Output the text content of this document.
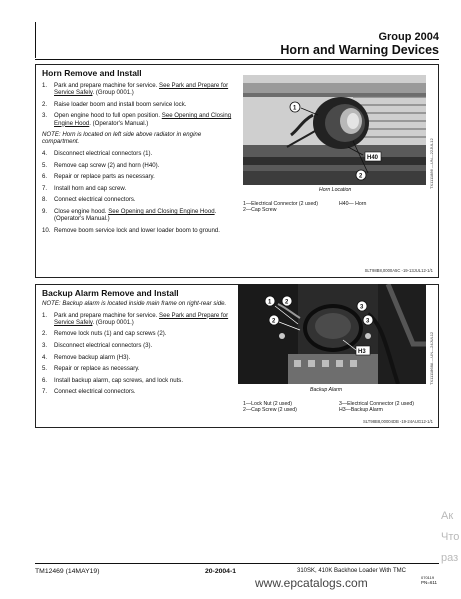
Group 2004
Horn and Warning Devices
Horn Remove and Install
1.	Park and prepare machine for service. See Park and Prepare for Service Safely. (Group 0001.)
2.	Raise loader boom and install boom service lock.
3.	Open engine hood to full open position. See Opening and Closing Engine Hood. (Operator's Manual.)
NOTE: Horn is located on left side above radiator in engine compartment.
4.	Disconnect electrical connectors (1).
5.	Remove cap screw (2) and horn (H40).
6.	Repair or replace parts as necessary.
7.	Install horn and cap screw.
8.	Connect electrical connectors.
9.	Close engine hood. See Opening and Closing Engine Hood. (Operator's Manual.)
10. Remove boom service lock and lower loader boom to ground.
1
H40
2
Horn Location
TX1111886 —UN—22JUL12
1—Electrical Connector (2 used)
2—Cap Screw
H40— Horn
SLT98B8,0000A5C -19-13JUL12-1/1
Backup Alarm Remove and Install
NOTE: Backup alarm is located inside main frame on right-rear side.
1.	Park and prepare machine for service. See Park and Prepare for Service Safely. (Group 0001.)
2.	Remove lock nuts (1) and cap screws (2).
3.	Disconnect electrical connectors (3).
4.	Remove backup alarm (H3).
5.	Repair or replace as necessary.
6.	Install backup alarm, cap screws, and lock nuts.
7.	Connect electrical connectors.
1 2
2
3
3
H3
Backup Alarm
TX1111868A —UN—24JUL12
1—Lock Nut (2 used)
2—Cap Screw (2 used)
3—Electrical Connector (2 used)
H3—Backup Alarm
SLT98B8,00004DB -19-24AUG12-1/1
Ак
Что
раз
TM12469 (14MAY19)	20-2004-1	310SK, 410K Backhoe Loader With TMC
070119
PN=611
www.epcatalogs.com
